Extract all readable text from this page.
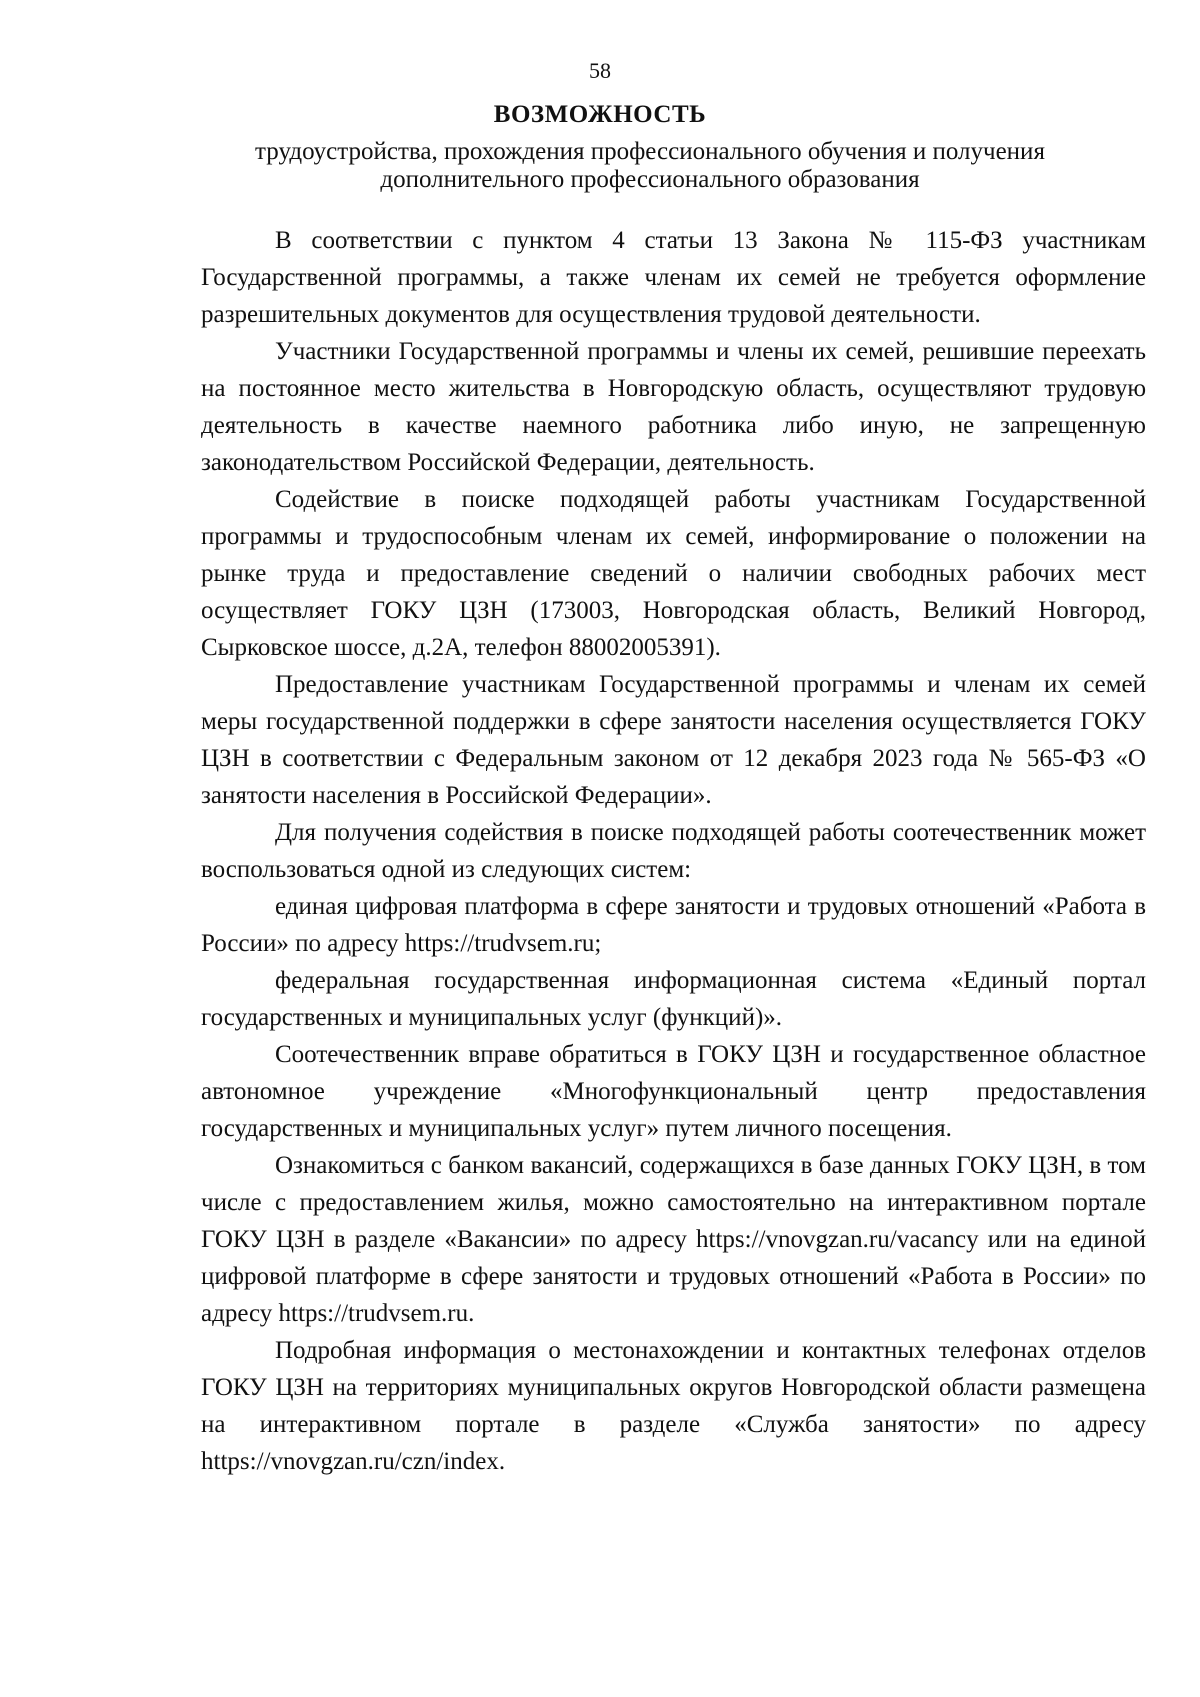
58
ВОЗМОЖНОСТЬ
трудоустройства, прохождения профессионального обучения и получения дополнительного профессионального образования

В соответствии с пунктом 4 статьи 13 Закона № 115-ФЗ участникам Государственной программы, а также членам их семей не требуется оформление разрешительных документов для осуществления трудовой деятельности.

Участники Государственной программы и члены их семей, решившие переехать на постоянное место жительства в Новгородскую область, осуществляют трудовую деятельность в качестве наемного работника либо иную, не запрещенную законодательством Российской Федерации, деятельность.

Содействие в поиске подходящей работы участникам Государственной программы и трудоспособным членам их семей, информирование о положении на рынке труда и предоставление сведений о наличии свободных рабочих мест осуществляет ГОКУ ЦЗН (173003, Новгородская область, Великий Новгород, Сырковское шоссе, д.2А, телефон 88002005391).

Предоставление участникам Государственной программы и членам их семей меры государственной поддержки в сфере занятости населения осуществляется ГОКУ ЦЗН в соответствии с Федеральным законом от 12 декабря 2023 года № 565-ФЗ «О занятости населения в Российской Федерации».

Для получения содействия в поиске подходящей работы соотечественник может воспользоваться одной из следующих систем:

единая цифровая платформа в сфере занятости и трудовых отношений «Работа в России» по адресу https://trudvsem.ru;

федеральная государственная информационная система «Единый портал государственных и муниципальных услуг (функций)».

Соотечественник вправе обратиться в ГОКУ ЦЗН и государственное областное автономное учреждение «Многофункциональный центр предоставления государственных и муниципальных услуг» путем личного посещения.

Ознакомиться с банком вакансий, содержащихся в базе данных ГОКУ ЦЗН, в том числе с предоставлением жилья, можно самостоятельно на интерактивном портале ГОКУ ЦЗН в разделе «Вакансии» по адресу https://vnovgzan.ru/vacancy или на единой цифровой платформе в сфере занятости и трудовых отношений «Работа в России» по адресу https://trudvsem.ru.

Подробная информация о местонахождении и контактных телефонах отделов ГОКУ ЦЗН на территориях муниципальных округов Новгородской области размещена на интерактивном портале в разделе «Служба занятости» по адресу https://vnovgzan.ru/czn/index.
